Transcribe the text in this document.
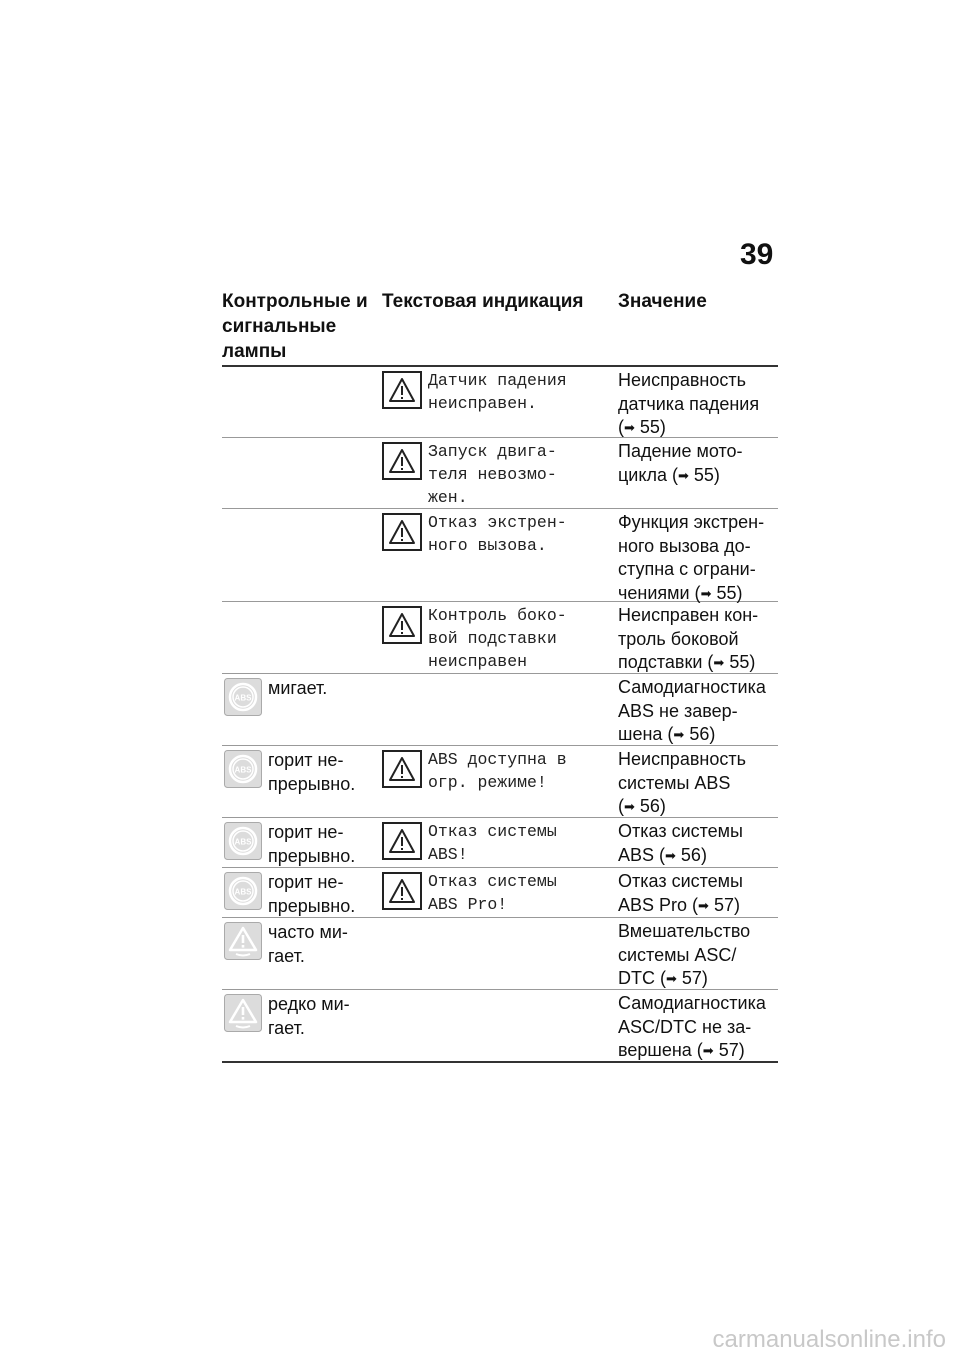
39
Контрольные и сигнальные лампы
Текстовая индикация Значение
Датчик падения
неисправен.
Неисправность
датчика падения
(➡ 55)
Запуск двига-
теля невозмо-
жен.
Падение мото-
цикла (➡ 55)
Отказ экстрен-
ного вызова.
Функция экстрен-
ного вызова до-
ступна с ограни-
чениями (➡ 55)
Контроль боко-
вой подставки
неисправен
Неисправен кон-
троль боковой
подставки (➡ 55)
ABS мигает.	Самодиагностика
ABS не завер-
шена (➡ 56)
ABS горит не-
прерывно.
ABS доступна в
огр. режиме!
Неисправность
системы ABS
(➡ 56)
ABS горит не-
прерывно.
Отказ системы
ABS!
Отказ системы
ABS (➡ 56)
ABS горит не-
прерывно.
Отказ системы
ABS Pro!
Отказ системы
ABS Pro (➡ 57)
часто ми-
гает.
Вмешательство
системы ASC/
DTC (➡ 57)
редко ми-
гает.
Самодиагностика
ASC/DTC не за-
вершена (➡ 57)
carmanualsonline.info
